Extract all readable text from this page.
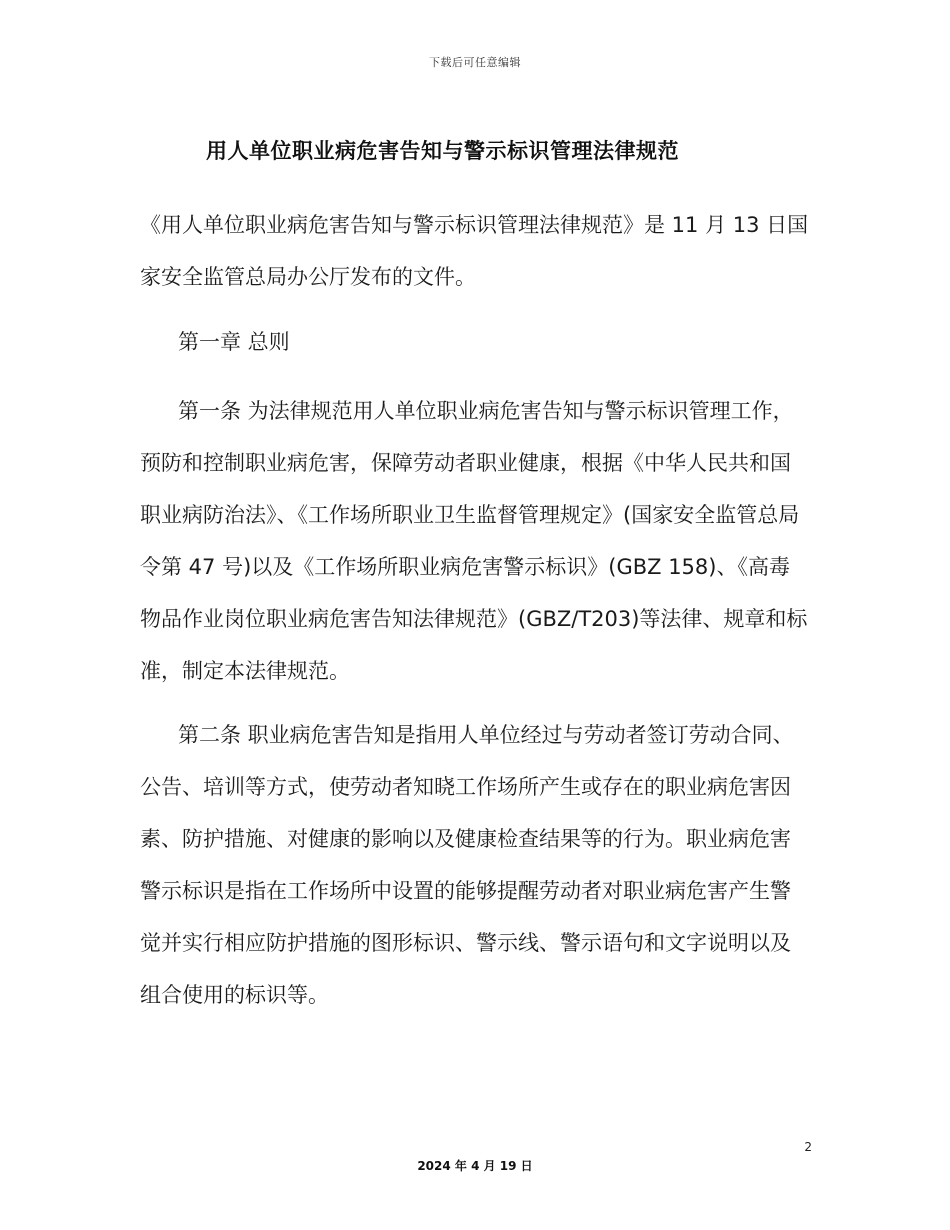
下载后可任意编辑
用人单位职业病危害告知与警示标识管理法律规范

《用人单位职业病危害告知与警示标识管理法律规范》是 11 月 13 日国家安全监管总局办公厅发布的文件。

第一章 总则

第一条 为法律规范用人单位职业病危害告知与警示标识管理工作，预防和控制职业病危害，保障劳动者职业健康，根据《中华人民共和国职业病防治法》、《工作场所职业卫生监督管理规定》(国家安全监管总局令第 47 号)以及《工作场所职业病危害警示标识》(GBZ 158)、《高毒物品作业岗位职业病危害告知法律规范》(GBZ/T203)等法律、规章和标准，制定本法律规范。

第二条 职业病危害告知是指用人单位经过与劳动者签订劳动合同、公告、培训等方式，使劳动者知晓工作场所产生或存在的职业病危害因素、防护措施、对健康的影响以及健康检查结果等的行为。职业病危害警示标识是指在工作场所中设置的能够提醒劳动者对职业病危害产生警觉并实行相应防护措施的图形标识、警示线、警示语句和文字说明以及组合使用的标识等。

2
2024 年 4 月 19 日
